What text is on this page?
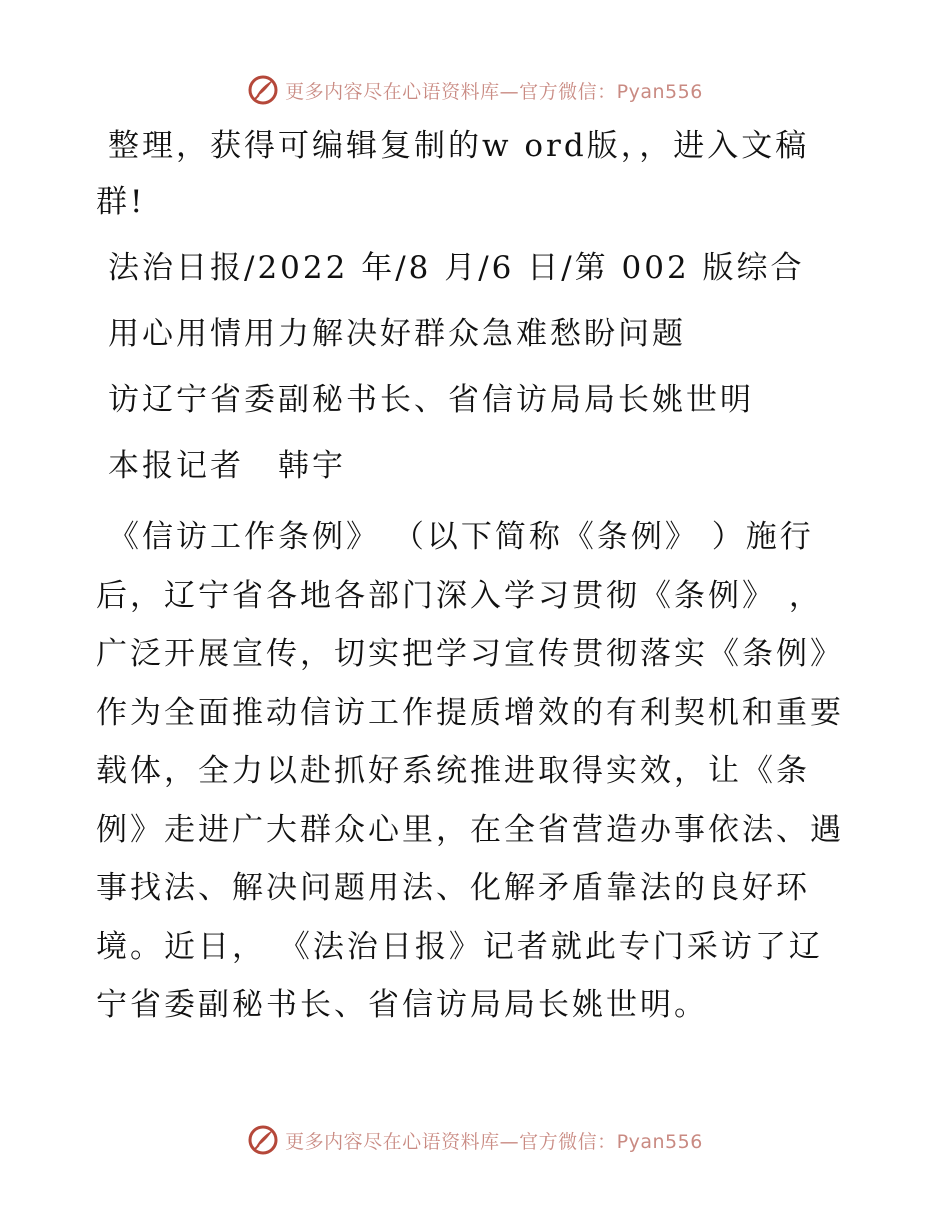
更多内容尽在心语资料库—官方微信：Pyan556
整理，获得可编辑复制的w ord版，，进入文稿
群!
法治日报/2022 年/8 月/6 日/第 002 版综合
用心用情用力解决好群众急难愁盼问题
访辽宁省委副秘书长、省信访局局长姚世明
本报记者　韩宇
《信访工作条例》 （以下简称《条例》 ）施行
后，辽宁省各地各部门深入学习贯彻《条例》 ，
广泛开展宣传，切实把学习宣传贯彻落实《条例》
作为全面推动信访工作提质增效的有利契机和重要
载体，全力以赴抓好系统推进取得实效，让《条
例》走进广大群众心里，在全省营造办事依法、遇
事找法、解决问题用法、化解矛盾靠法的良好环
境。近日， 《法治日报》记者就此专门采访了辽
宁省委副秘书长、省信访局局长姚世明。
更多内容尽在心语资料库—官方微信：Pyan556
